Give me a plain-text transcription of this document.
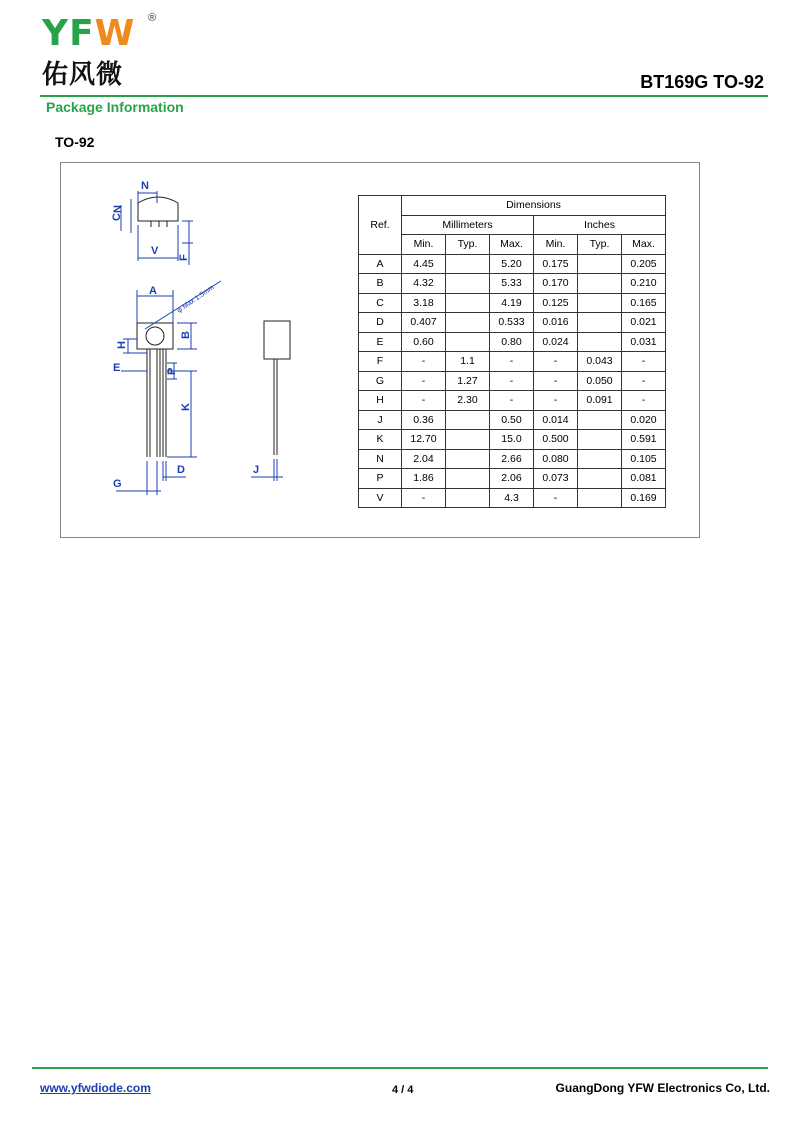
YFW ®
佑风微	BT169G TO-92
Package Information
TO-92
N
C
N
V
F
A
B
H
E	P
K
G
D	J
φ Max 1.5mm
Ref.	Dimensions					
	Millimeters			Inches		
	Min.	Typ.	Max.	Min.	Typ.	Max.
A	4.45		5.20	0.175		0.205
B	4.32		5.33	0.170		0.210
C	3.18		4.19	0.125		0.165
D	0.407		0.533	0.016		0.021
E	0.60		0.80	0.024		0.031
F	-	1.1	-	-	0.043	-
G	-	1.27	-	-	0.050	-
H	-	2.30	-	-	0.091	-
J	0.36		0.50	0.014		0.020
K	12.70		15.0	0.500		0.591
N	2.04		2.66	0.080		0.105
P	1.86		2.06	0.073		0.081
V	-		4.3	-		0.169
www.yfwdiode.com	4 / 4	GuangDong YFW Electronics Co, Ltd.
